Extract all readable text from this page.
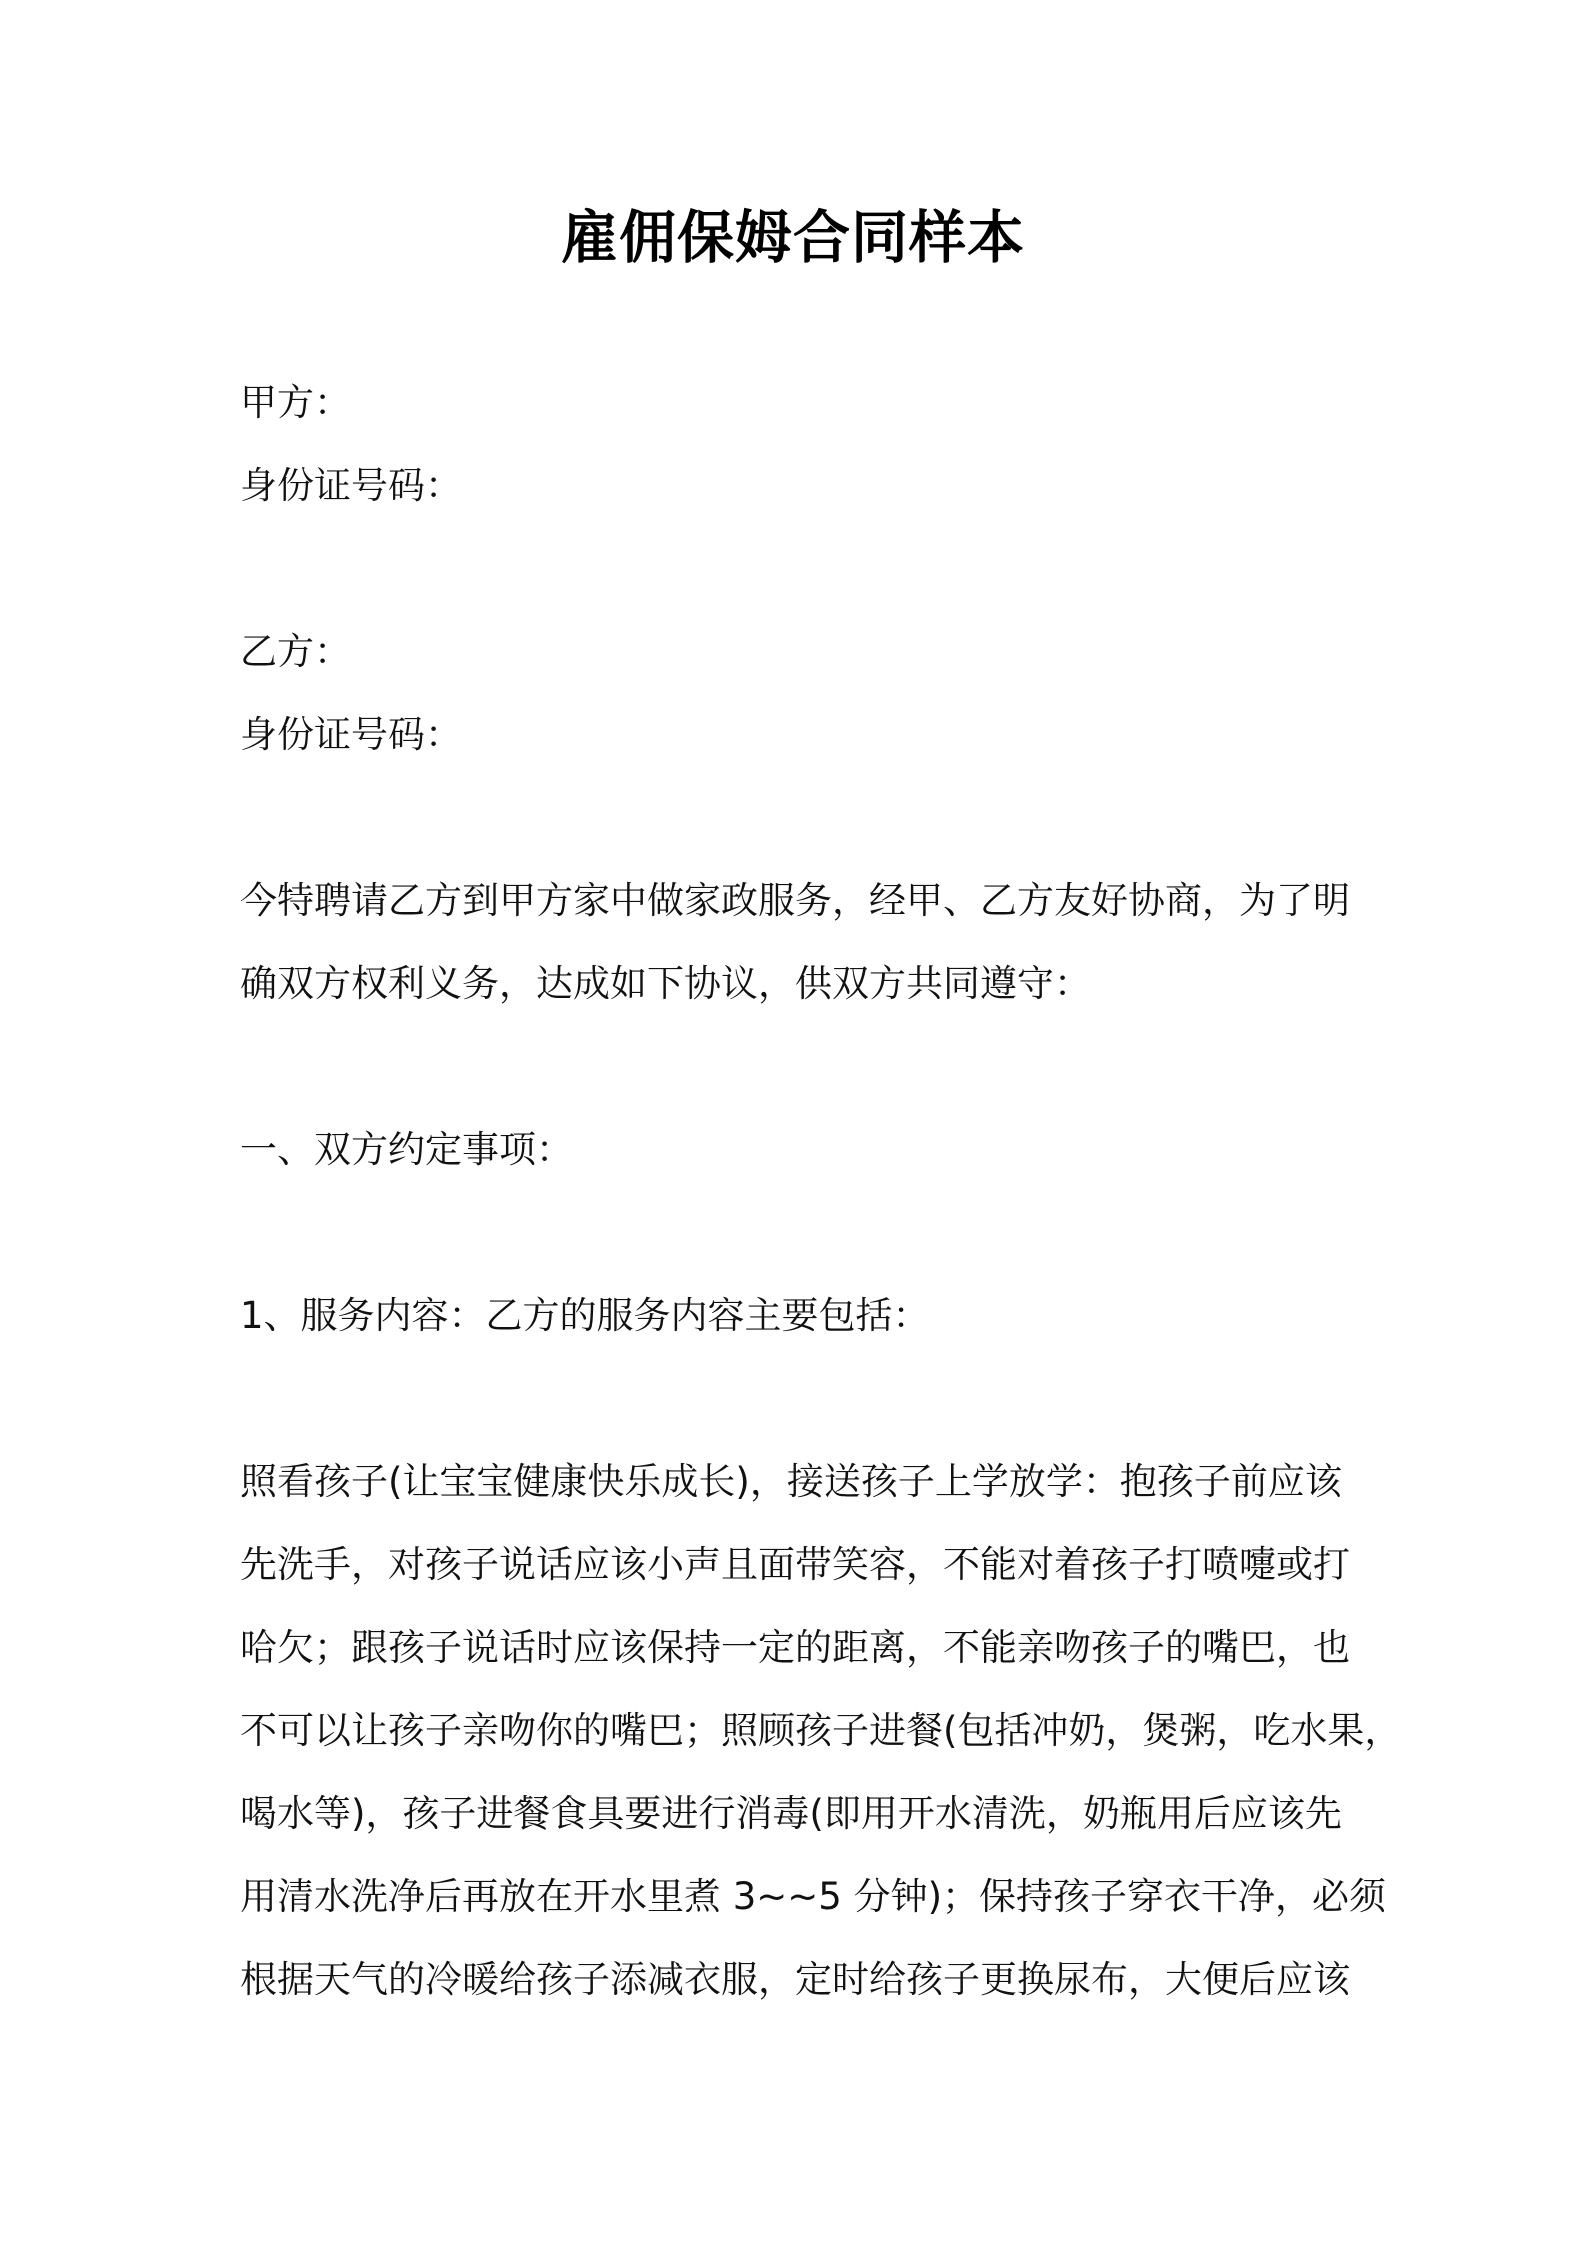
雇佣保姆合同样本
甲方：
身份证号码：
乙方：
身份证号码：
今特聘请乙方到甲方家中做家政服务，经甲、乙方友好协商，为了明
确双方权利义务，达成如下协议，供双方共同遵守：
一、双方约定事项：
1、服务内容：乙方的服务内容主要包括：
照看孩子(让宝宝健康快乐成长)，接送孩子上学放学：抱孩子前应该
先洗手，对孩子说话应该小声且面带笑容，不能对着孩子打喷嚏或打
哈欠；跟孩子说话时应该保持一定的距离，不能亲吻孩子的嘴巴，也
不可以让孩子亲吻你的嘴巴；照顾孩子进餐(包括冲奶，煲粥，吃水果，
喝水等)，孩子进餐食具要进行消毒(即用开水清洗，奶瓶用后应该先
用清水洗净后再放在开水里煮 3~~5 分钟)；保持孩子穿衣干净，必须
根据天气的冷暖给孩子添减衣服，定时给孩子更换尿布，大便后应该
